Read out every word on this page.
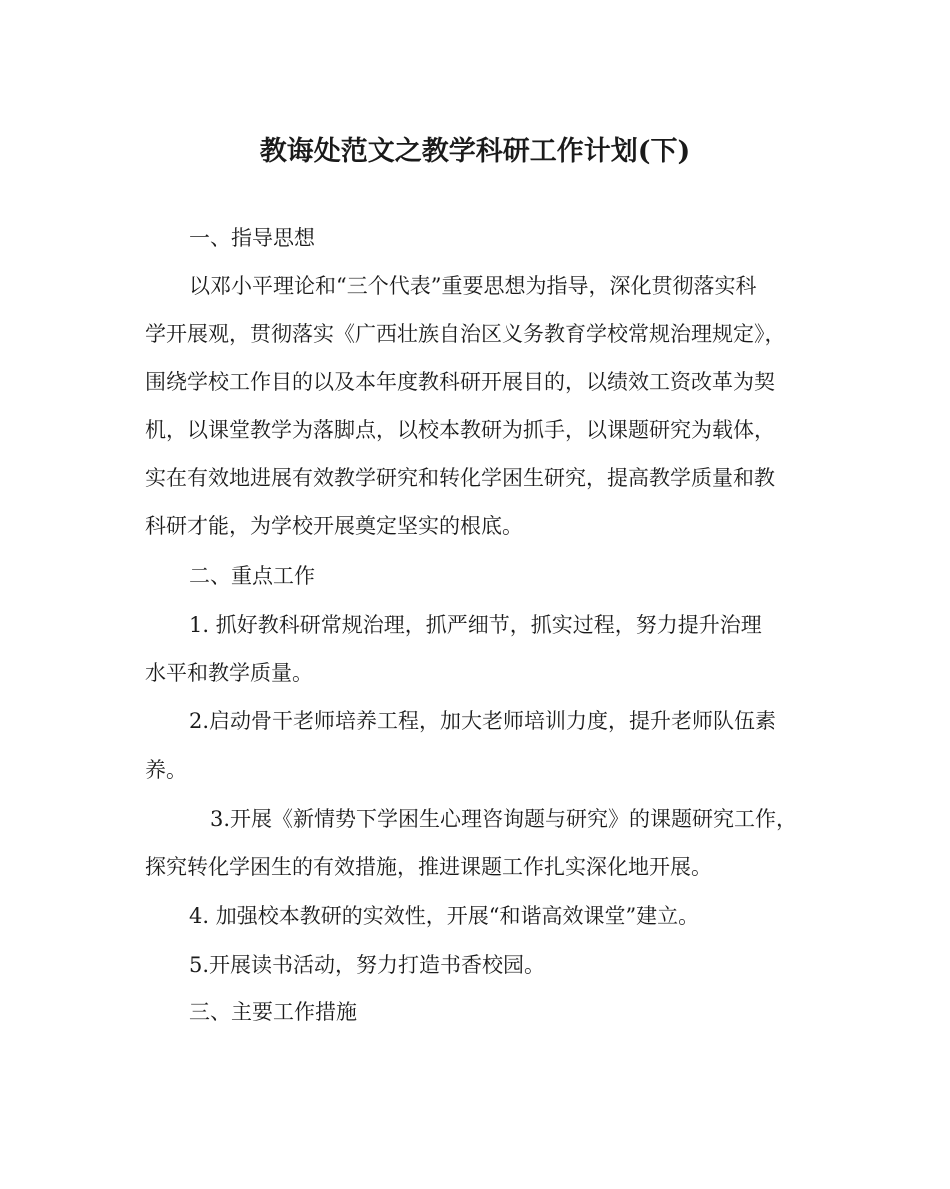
教诲处范文之教学科研工作计划(下)
一、指导思想
以邓小平理论和“三个代表”重要思想为指导，深化贯彻落实科
学开展观，贯彻落实《广西壮族自治区义务教育学校常规治理规定》，
围绕学校工作目的以及本年度教科研开展目的，以绩效工资改革为契
机，以课堂教学为落脚点，以校本教研为抓手，以课题研究为载体，
实在有效地进展有效教学研究和转化学困生研究，提高教学质量和教
科研才能，为学校开展奠定坚实的根底。
二、重点工作
1. 抓好教科研常规治理，抓严细节，抓实过程，努力提升治理
水平和教学质量。
2.启动骨干老师培养工程，加大老师培训力度，提升老师队伍素
养。
3.开展《新情势下学困生心理咨询题与研究》的课题研究工作，
探究转化学困生的有效措施，推进课题工作扎实深化地开展。
4. 加强校本教研的实效性，开展“和谐高效课堂”建立。
5.开展读书活动，努力打造书香校园。
三、主要工作措施
